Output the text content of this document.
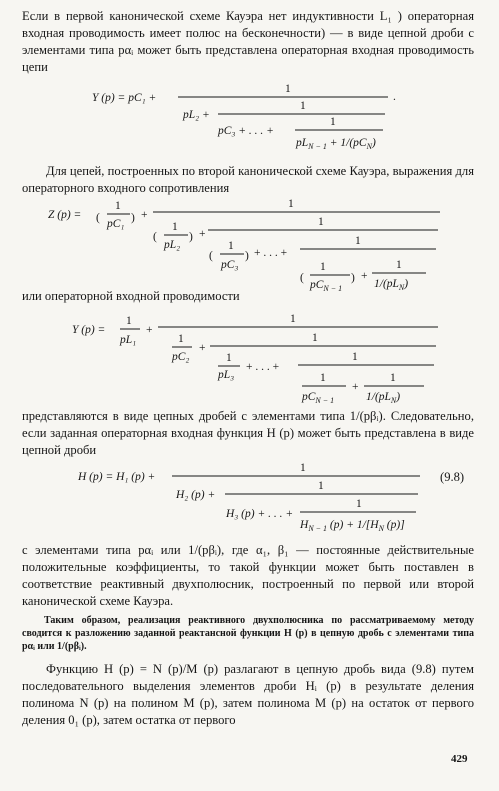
Если в первой канонической схеме Кауэра нет индуктивности L₁ ) операторная входная проводимость имеет полюс на бесконечности) — в виде цепной дроби с элементами типа pαᵢ может быть представлена операторная входная проводимость цепи
Y (p) = pC₁ +
1
.
pL₂ +
1
pC₃ + . . . +
1
$pL_{N - 1} + 1/(pC_N)$
Для цепей, построенных по второй канонической схеме Кауэра, выражения для операторного входного сопротивления
Z (p) = (
1
pC₁ ) +
1
(
1
pL₂
) +
1
(
1
pC₃
) + . . . +
1
(
1
$pC_{N - 1}$
) +
1
$1/(pL_N)$
или операторной входной проводимости
Y (p) =
1
pL₁
+
1
1
pC₂
+
1
1
pL₃
+ . . . +
1
1
$pC_{N - 1}$
+
1
$1/(pL_N)$
представляются в виде цепных дробей с элементами типа 1/(pβᵢ). Следовательно, если заданная операторная входная функция H (p) может быть представлена в виде цепной дроби
H (p) = H₁ (p) +
1
H₂ (p) +
1
H₃ (p) + . . . +
1
$H_{N - 1}$ $(p) + 1/[H_N$ (p)]
(9.8)
с элементами типа pαᵢ или 1/(pβᵢ), где α₁, β₁ — постоянные действительные положительные коэффициенты, то такой функции может быть поставлен в соответствие реактивный двухполюсник, построенный по первой или второй канонической схеме Кауэра.
Таким образом, реализация реактивного двухполюсника по рассматриваемому методу сводится к разложению заданной реактансной функции H (p) в цепную дробь с элементами типа pαᵢ или 1/(pβᵢ).
Функцию H (p) = N (p)/M (p) разлагают в цепную дробь вида (9.8) путем последовательного выделения элементов дроби Hᵢ (p) в результате деления полинома N (p) на полином M (p), затем полинома M (p) на остаток от первого деления 0₁ (p), затем остатка от первого
429
